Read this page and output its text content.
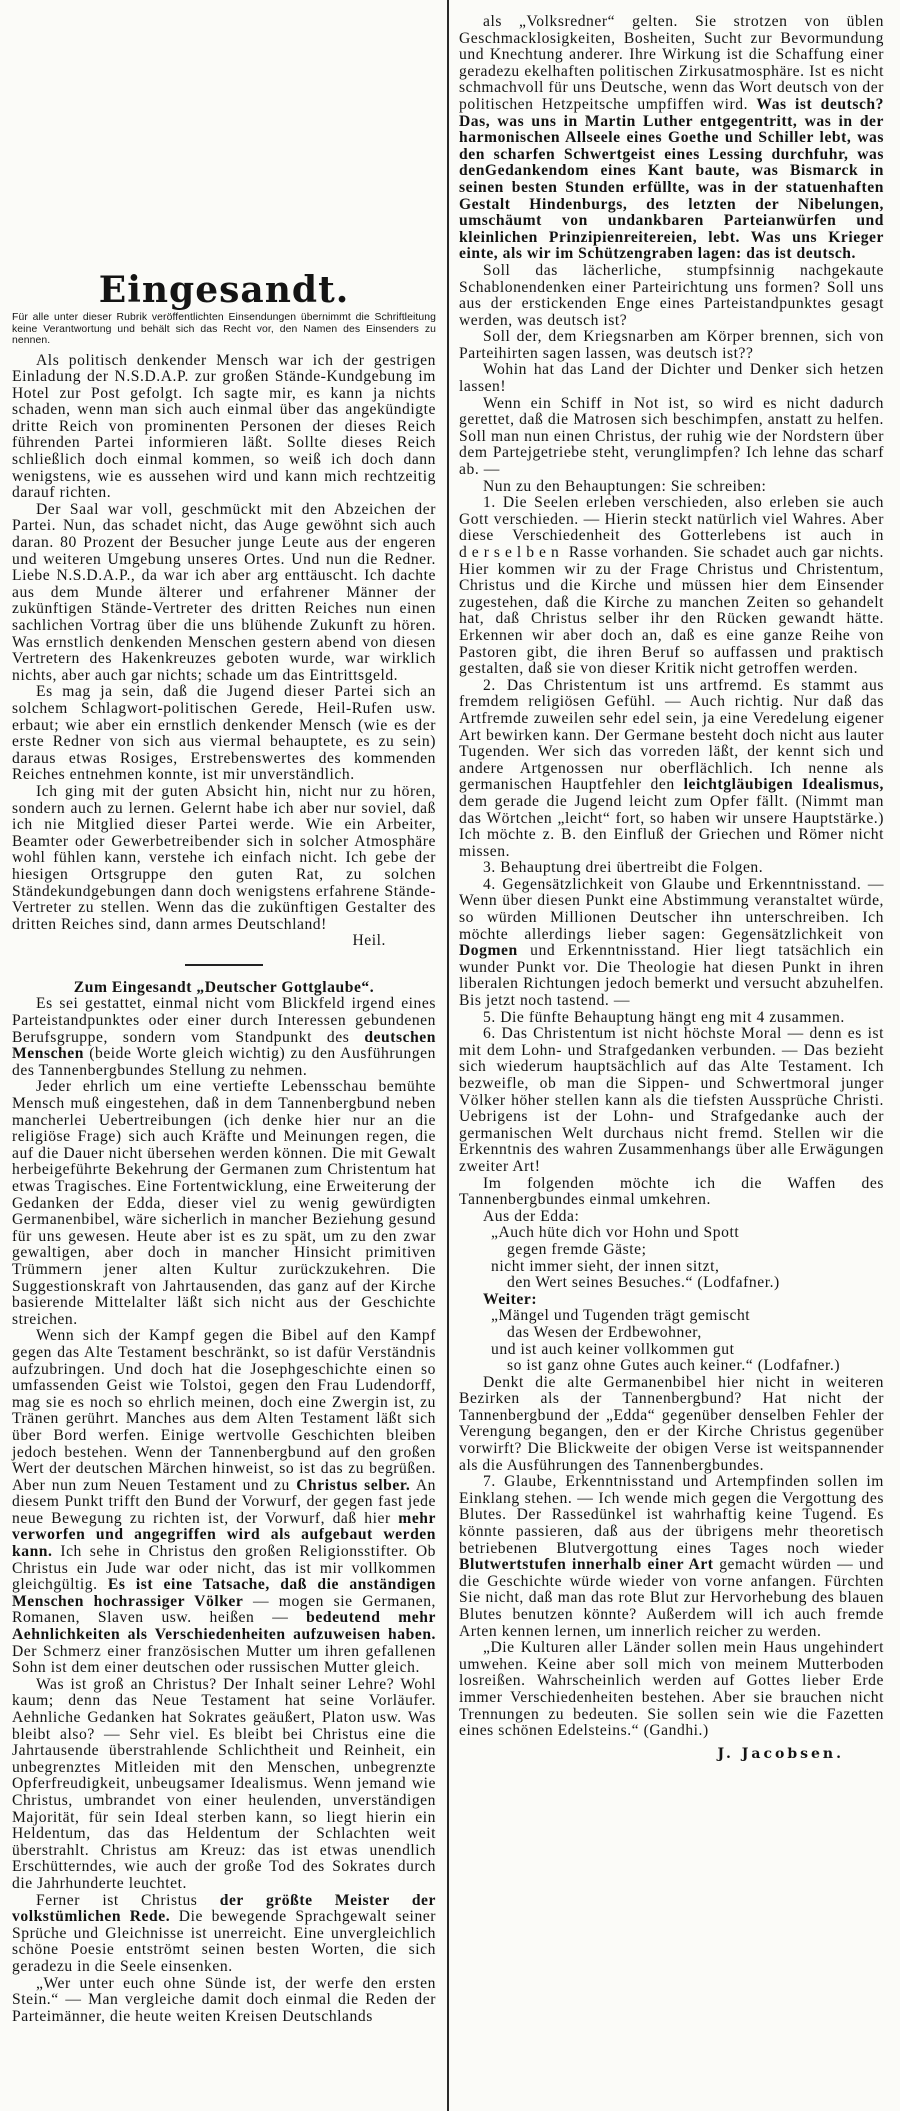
Eingesandt.
Für alle unter dieser Rubrik veröffentlichten Einsendungen übernimmt die Schriftleitung keine Verantwortung und behält sich das Recht vor, den Namen des Einsenders zu nennen.

Als politisch denkender Mensch war ich der gestrigen Einladung der N.S.D.A.P. zur großen Stände-Kundgebung im Hotel zur Post gefolgt. Ich sagte mir, es kann ja nichts schaden, wenn man sich auch einmal über das angekündigte dritte Reich von prominenten Personen der dieses Reich führenden Partei informieren läßt. Sollte dieses Reich schließlich doch einmal kommen, so weiß ich doch dann wenigstens, wie es aussehen wird und kann mich rechtzeitig darauf richten.

Der Saal war voll, geschmückt mit den Abzeichen der Partei. Nun, das schadet nicht, das Auge gewöhnt sich auch daran. 80 Prozent der Besucher junge Leute aus der engeren und weiteren Umgebung unseres Ortes. Und nun die Redner. Liebe N.S.D.A.P., da war ich aber arg enttäuscht. Ich dachte aus dem Munde älterer und erfahrener Männer der zukünftigen Stände-Vertreter des dritten Reiches nun einen sachlichen Vortrag über die uns blühende Zukunft zu hören. Was ernstlich denkenden Menschen gestern abend von diesen Vertretern des Hakenkreuzes geboten wurde, war wirklich nichts, aber auch gar nichts; schade um das Eintrittsgeld.

Es mag ja sein, daß die Jugend dieser Partei sich an solchem Schlagwort-politischen Gerede, Heil-Rufen usw. erbaut; wie aber ein ernstlich denkender Mensch (wie es der erste Redner von sich aus viermal behauptete, es zu sein) daraus etwas Rosiges, Erstrebenswertes des kommenden Reiches entnehmen konnte, ist mir unverständlich.

Ich ging mit der guten Absicht hin, nicht nur zu hören, sondern auch zu lernen. Gelernt habe ich aber nur soviel, daß ich nie Mitglied dieser Partei werde. Wie ein Arbeiter, Beamter oder Gewerbetreibender sich in solcher Atmosphäre wohl fühlen kann, verstehe ich einfach nicht. Ich gebe der hiesigen Ortsgruppe den guten Rat, zu solchen Ständekundgebungen dann doch wenigstens erfahrene Stände-Vertreter zu stellen. Wenn das die zukünftigen Gestalter des dritten Reiches sind, dann armes Deutschland!

Heil.

Zum Eingesandt „Deutscher Gottglaube“.

Es sei gestattet, einmal nicht vom Blickfeld irgend eines Parteistandpunktes oder einer durch Interessen gebundenen Berufsgruppe, sondern vom Standpunkt des deutschen Menschen (beide Worte gleich wichtig) zu den Ausführungen des Tannenbergbundes Stellung zu nehmen.

Jeder ehrlich um eine vertiefte Lebensschau bemühte Mensch muß eingestehen, daß in dem Tannenbergbund neben mancherlei Uebertreibungen (ich denke hier nur an die religiöse Frage) sich auch Kräfte und Meinungen regen, die auf die Dauer nicht übersehen werden können. Die mit Gewalt herbeigeführte Bekehrung der Germanen zum Christentum hat etwas Tragisches. Eine Fortentwicklung, eine Erweiterung der Gedanken der Edda, dieser viel zu wenig gewürdigten Germanenbibel, wäre sicherlich in mancher Beziehung gesund für uns gewesen. Heute aber ist es zu spät, um zu den zwar gewaltigen, aber doch in mancher Hinsicht primitiven Trümmern jener alten Kultur zurückzukehren. Die Suggestionskraft von Jahrtausenden, das ganz auf der Kirche basierende Mittelalter läßt sich nicht aus der Geschichte streichen.

Wenn sich der Kampf gegen die Bibel auf den Kampf gegen das Alte Testament beschränkt, so ist dafür Verständnis aufzubringen. Und doch hat die Josephgeschichte einen so umfassenden Geist wie Tolstoi, gegen den Frau Ludendorff, mag sie es noch so ehrlich meinen, doch eine Zwergin ist, zu Tränen gerührt. Manches aus dem Alten Testament läßt sich über Bord werfen. Einige wertvolle Geschichten bleiben jedoch bestehen. Wenn der Tannenbergbund auf den großen Wert der deutschen Märchen hinweist, so ist das zu begrüßen. Aber nun zum Neuen Testament und zu Christus selber. An diesem Punkt trifft den Bund der Vorwurf, der gegen fast jede neue Bewegung zu richten ist, der Vorwurf, daß hier mehr verworfen und angegriffen wird als aufgebaut werden kann. Ich sehe in Christus den großen Religionsstifter. Ob Christus ein Jude war oder nicht, das ist mir vollkommen gleichgültig. Es ist eine Tatsache, daß die anständigen Menschen hochrassiger Völker — mogen sie Germanen, Romanen, Slaven usw. heißen — bedeutend mehr Aehnlichkeiten als Verschiedenheiten aufzuweisen haben. Der Schmerz einer französischen Mutter um ihren gefallenen Sohn ist dem einer deutschen oder russischen Mutter gleich.

Was ist groß an Christus? Der Inhalt seiner Lehre? Wohl kaum; denn das Neue Testament hat seine Vorläufer. Aehnliche Gedanken hat Sokrates geäußert, Platon usw. Was bleibt also? — Sehr viel. Es bleibt bei Christus eine die Jahrtausende überstrahlende Schlichtheit und Reinheit, ein unbegrenztes Mitleiden mit den Menschen, unbegrenzte Opferfreudigkeit, unbeugsamer Idealismus. Wenn jemand wie Christus, umbrandet von einer heulenden, unverständigen Majorität, für sein Ideal sterben kann, so liegt hierin ein Heldentum, das das Heldentum der Schlachten weit überstrahlt. Christus am Kreuz: das ist etwas unendlich Erschütterndes, wie auch der große Tod des Sokrates durch die Jahrhunderte leuchtet.

Ferner ist Christus der größte Meister der volkstümlichen Rede. Die bewegende Sprachgewalt seiner Sprüche und Gleichnisse ist unerreicht. Eine unvergleichlich schöne Poesie entströmt seinen besten Worten, die sich geradezu in die Seele einsenken.

„Wer unter euch ohne Sünde ist, der werfe den ersten Stein.“ — Man vergleiche damit doch einmal die Reden der Parteimänner, die heute weiten Kreisen Deutschlands

als „Volksredner“ gelten. Sie strotzen von üblen Geschmacklosigkeiten, Bosheiten, Sucht zur Bevormundung und Knechtung anderer. Ihre Wirkung ist die Schaffung einer geradezu ekelhaften politischen Zirkusatmosphäre. Ist es nicht schmachvoll für uns Deutsche, wenn das Wort deutsch von der politischen Hetzpeitsche umpfiffen wird. Was ist deutsch? Das, was uns in Martin Luther entgegentritt, was in der harmonischen Allseele eines Goethe und Schiller lebt, was den scharfen Schwertgeist eines Lessing durchfuhr, was denGedankendom eines Kant baute, was Bismarck in seinen besten Stunden erfüllte, was in der statuenhaften Gestalt Hindenburgs, des letzten der Nibelungen, umschäumt von undankbaren Parteianwürfen und kleinlichen Prinzipienreitereien, lebt. Was uns Krieger einte, als wir im Schützengraben lagen: das ist deutsch.

Soll das lächerliche, stumpfsinnig nachgekaute Schablonendenken einer Parteirichtung uns formen? Soll uns aus der erstickenden Enge eines Parteistandpunktes gesagt werden, was deutsch ist?

Soll der, dem Kriegsnarben am Körper brennen, sich von Parteihirten sagen lassen, was deutsch ist??

Wohin hat das Land der Dichter und Denker sich hetzen lassen!

Wenn ein Schiff in Not ist, so wird es nicht dadurch gerettet, daß die Matrosen sich beschimpfen, anstatt zu helfen. Soll man nun einen Christus, der ruhig wie der Nordstern über dem Partejgetriebe steht, verunglimpfen? Ich lehne das scharf ab. —

Nun zu den Behauptungen: Sie schreiben:

1. Die Seelen erleben verschieden, also erleben sie auch Gott verschieden. — Hierin steckt natürlich viel Wahres. Aber diese Verschiedenheit des Gotterlebens ist auch in derselben Rasse vorhanden. Sie schadet auch gar nichts. Hier kommen wir zu der Frage Christus und Christentum, Christus und die Kirche und müssen hier dem Einsender zugestehen, daß die Kirche zu manchen Zeiten so gehandelt hat, daß Christus selber ihr den Rücken gewandt hätte. Erkennen wir aber doch an, daß es eine ganze Reihe von Pastoren gibt, die ihren Beruf so auffassen und praktisch gestalten, daß sie von dieser Kritik nicht getroffen werden.

2. Das Christentum ist uns artfremd. Es stammt aus fremdem religiösen Gefühl. — Auch richtig. Nur daß das Artfremde zuweilen sehr edel sein, ja eine Veredelung eigener Art bewirken kann. Der Germane besteht doch nicht aus lauter Tugenden. Wer sich das vorreden läßt, der kennt sich und andere Artgenossen nur oberflächlich. Ich nenne als germanischen Hauptfehler den leichtgläubigen Idealismus, dem gerade die Jugend leicht zum Opfer fällt. (Nimmt man das Wörtchen „leicht“ fort, so haben wir unsere Hauptstärke.) Ich möchte z. B. den Einfluß der Griechen und Römer nicht missen.

3. Behauptung drei übertreibt die Folgen.

4. Gegensätzlichkeit von Glaube und Erkenntnisstand. — Wenn über diesen Punkt eine Abstimmung veranstaltet würde, so würden Millionen Deutscher ihn unterschreiben. Ich möchte allerdings lieber sagen: Gegensätzlichkeit von Dogmen und Erkenntnisstand. Hier liegt tatsächlich ein wunder Punkt vor. Die Theologie hat diesen Punkt in ihren liberalen Richtungen jedoch bemerkt und versucht abzuhelfen. Bis jetzt noch tastend. —

5. Die fünfte Behauptung hängt eng mit 4 zusammen.

6. Das Christentum ist nicht höchste Moral — denn es ist mit dem Lohn- und Strafgedanken verbunden. — Das bezieht sich wiederum hauptsächlich auf das Alte Testament. Ich bezweifle, ob man die Sippen- und Schwertmoral junger Völker höher stellen kann als die tiefsten Aussprüche Christi. Uebrigens ist der Lohn- und Strafgedanke auch der germanischen Welt durchaus nicht fremd. Stellen wir die Erkenntnis des wahren Zusammenhangs über alle Erwägungen zweiter Art!

Im folgenden möchte ich die Waffen des Tannenbergbundes einmal umkehren.

Aus der Edda:

„Auch hüte dich vor Hohn und Spott

gegen fremde Gäste;

nicht immer sieht, der innen sitzt,

den Wert seines Besuches.“ (Lodfafner.)

Weiter:

„Mängel und Tugenden trägt gemischt

das Wesen der Erdbewohner,

und ist auch keiner vollkommen gut

so ist ganz ohne Gutes auch keiner.“ (Lodfafner.)

Denkt die alte Germanenbibel hier nicht in weiteren Bezirken als der Tannenbergbund? Hat nicht der Tannenbergbund der „Edda“ gegenüber denselben Fehler der Verengung begangen, den er der Kirche Christus gegenüber vorwirft? Die Blickweite der obigen Verse ist weitspannender als die Ausführungen des Tannenbergbundes.

7. Glaube, Erkenntnisstand und Artempfinden sollen im Einklang stehen. — Ich wende mich gegen die Vergottung des Blutes. Der Rassedünkel ist wahrhaftig keine Tugend. Es könnte passieren, daß aus der übrigens mehr theoretisch betriebenen Blutvergottung eines Tages noch wieder Blutwertstufen innerhalb einer Art gemacht würden — und die Geschichte würde wieder von vorne anfangen. Fürchten Sie nicht, daß man das rote Blut zur Hervorhebung des blauen Blutes benutzen könnte? Außerdem will ich auch fremde Arten kennen lernen, um innerlich reicher zu werden.

„Die Kulturen aller Länder sollen mein Haus ungehindert umwehen. Keine aber soll mich von meinem Mutterboden losreißen. Wahrscheinlich werden auf Gottes lieber Erde immer Verschiedenheiten bestehen. Aber sie brauchen nicht Trennungen zu bedeuten. Sie sollen sein wie die Fazetten eines schönen Edelsteins.“ (Gandhi.)

J. Jacobsen.
